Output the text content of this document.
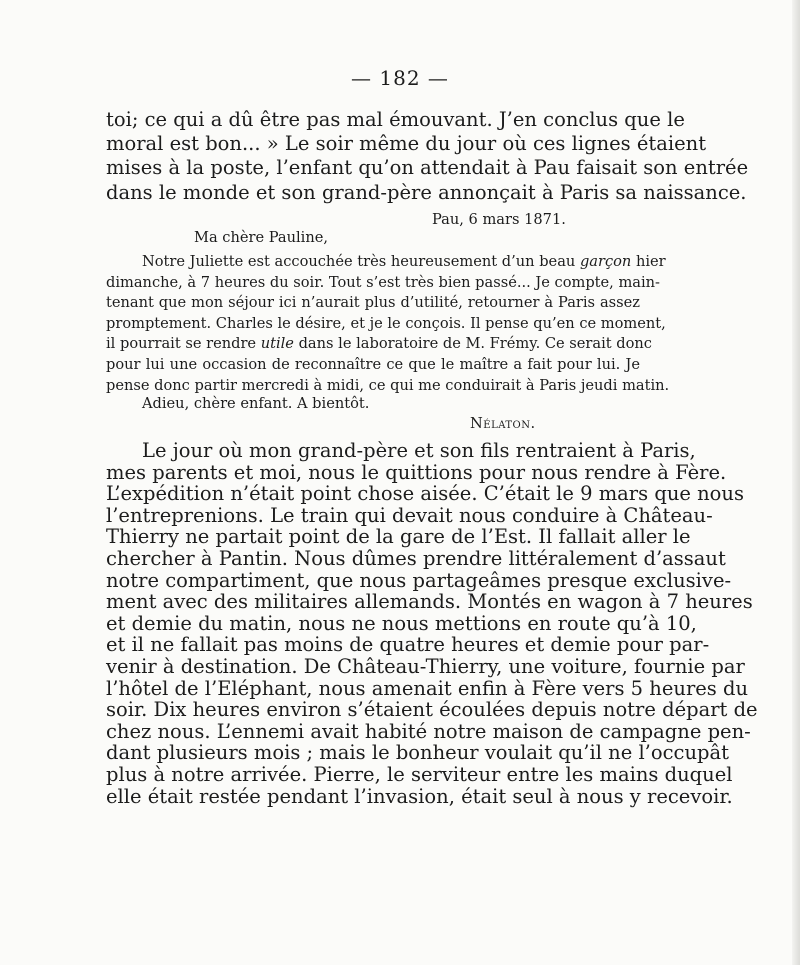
— 182 —
toi; ce qui a dû être pas mal émouvant. J’en conclus que le
moral est bon... » Le soir même du jour où ces lignes étaient
mises à la poste, l’enfant qu’on attendait à Pau faisait son entrée
dans le monde et son grand-père annonçait à Paris sa naissance.
Pau, 6 mars 1871.
Ma chère Pauline,
Notre Juliette est accouchée très heureusement d’un beau garçon hier
dimanche, à 7 heures du soir. Tout s’est très bien passé... Je compte, main-
tenant que mon séjour ici n’aurait plus d’utilité, retourner à Paris assez
promptement. Charles le désire, et je le conçois. Il pense qu’en ce moment,
il pourrait se rendre utile dans le laboratoire de M. Frémy. Ce serait donc
pour lui une occasion de reconnaître ce que le maître a fait pour lui. Je
pense donc partir mercredi à midi, ce qui me conduirait à Paris jeudi matin.
Adieu, chère enfant. A bientôt.
Nélaton.
Le jour où mon grand-père et son fils rentraient à Paris,
mes parents et moi, nous le quittions pour nous rendre à Fère.
L’expédition n’était point chose aisée. C’était le 9 mars que nous
l’entreprenions. Le train qui devait nous conduire à Château-
Thierry ne partait point de la gare de l’Est. Il fallait aller le
chercher à Pantin. Nous dûmes prendre littéralement d’assaut
notre compartiment, que nous partageâmes presque exclusive-
ment avec des militaires allemands. Montés en wagon à 7 heures
et demie du matin, nous ne nous mettions en route qu’à 10,
et il ne fallait pas moins de quatre heures et demie pour par-
venir à destination. De Château-Thierry, une voiture, fournie par
l’hôtel de l’Eléphant, nous amenait enfin à Fère vers 5 heures du
soir. Dix heures environ s’étaient écoulées depuis notre départ de
chez nous. L’ennemi avait habité notre maison de campagne pen-
dant plusieurs mois ; mais le bonheur voulait qu’il ne l’occupât
plus à notre arrivée. Pierre, le serviteur entre les mains duquel
elle était restée pendant l’invasion, était seul à nous y recevoir.
